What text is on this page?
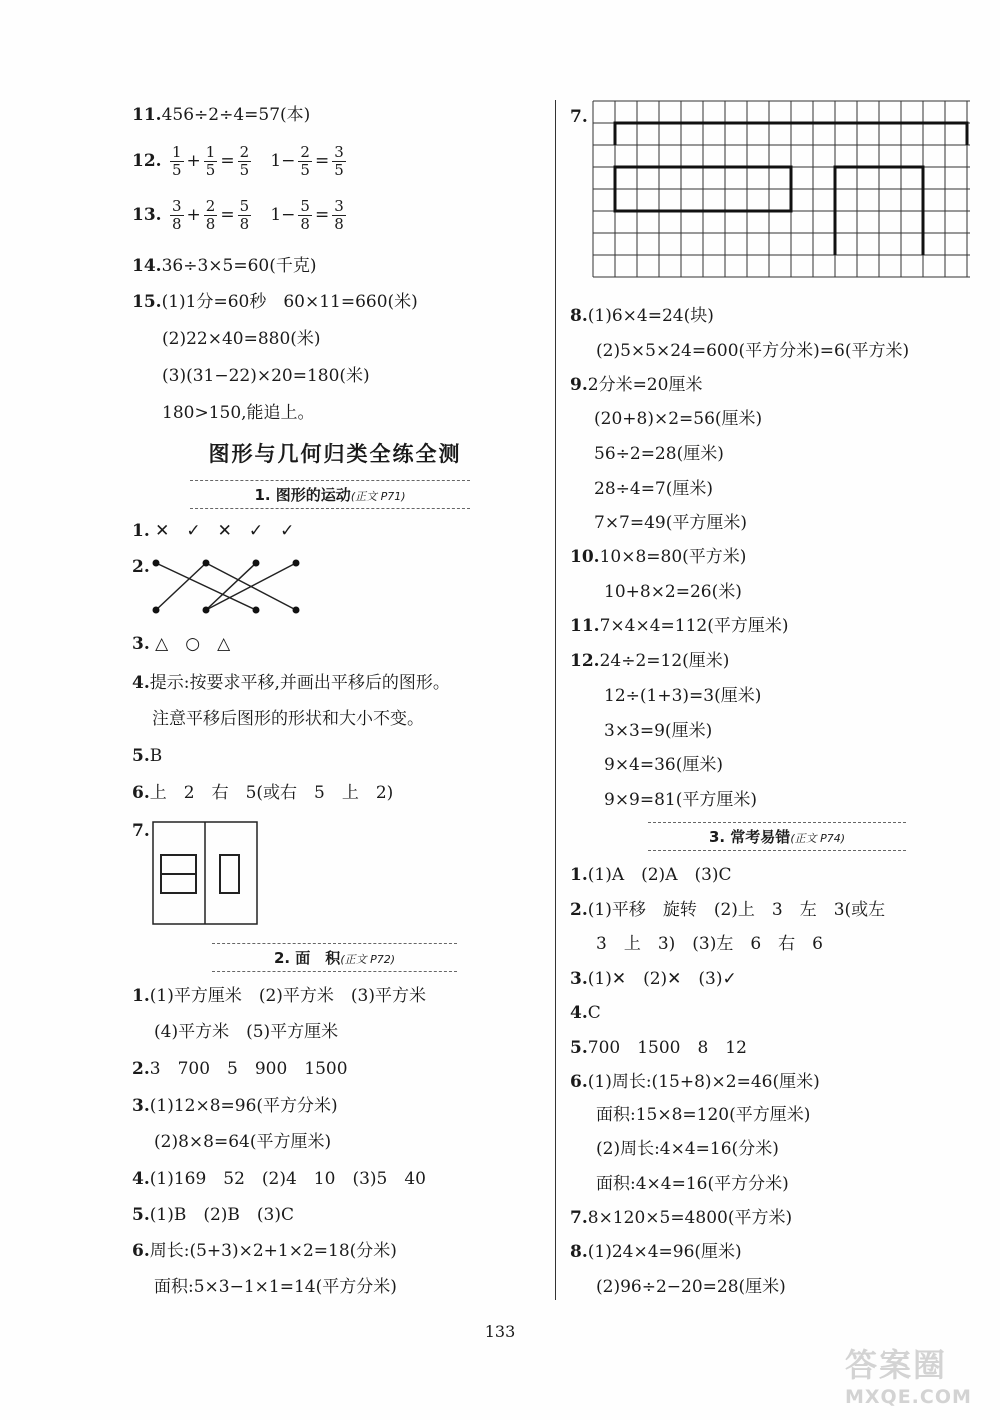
11.456÷2÷4=57(本)
12. $\frac{1}{5} + \frac{1}{5} = \frac{2}{5} 1- \frac{2}{5} = \frac{3}{5}$
13. $\frac{3}{8} + \frac{2}{8} = \frac{5}{8} 1- \frac{5}{8} = \frac{3}{8}$
14.36÷3×5=60(千克)
15.(1)1分=60秒　60×11=660(米)
(2)22×40=880(米)
(3)(31−22)×20=180(米)
180>150,能追上。
图形与几何归类全练全测
1. 图形的运动(正文 P71)
1. ✕　✓　✕　✓　✓
2.
3. △　○　△
4.提示:按要求平移,并画出平移后的图形。
注意平移后图形的形状和大小不变。
5.B
6.上　2　右　5(或右　5　上　2)
7.
2. 面　积(正文 P72)
1.(1)平方厘米　(2)平方米　(3)平方米
(4)平方米　(5)平方厘米
2.3　700　5　900　1500
3.(1)12×8=96(平方分米)
(2)8×8=64(平方厘米)
4.(1)169　52　(2)4　10　(3)5　40
5.(1)B　(2)B　(3)C
6.周长:(5+3)×2+1×2=18(分米)
面积:5×3−1×1=14(平方分米)
7.
8.(1)6×4=24(块)
(2)5×5×24=600(平方分米)=6(平方米)
9.2分米=20厘米
(20+8)×2=56(厘米)
56÷2=28(厘米)
28÷4=7(厘米)
7×7=49(平方厘米)
10.10×8=80(平方米)
10+8×2=26(米)
11.7×4×4=112(平方厘米)
12.24÷2=12(厘米)
12÷(1+3)=3(厘米)
3×3=9(厘米)
9×4=36(厘米)
9×9=81(平方厘米)
3. 常考易错(正文 P74)
1.(1)A　(2)A　(3)C
2.(1)平移　旋转　(2)上　3　左　3(或左
3　上　3)　(3)左　6　右　6
3.(1)✕　(2)✕　(3)✓
4.C
5.700　1500　8　12
6.(1)周长:(15+8)×2=46(厘米)
面积:15×8=120(平方厘米)
(2)周长:4×4=16(分米)
面积:4×4=16(平方分米)
7.8×120×5=4800(平方米)
8.(1)24×4=96(厘米)
(2)96÷2−20=28(厘米)
133
答案圈
MXQE.COM
